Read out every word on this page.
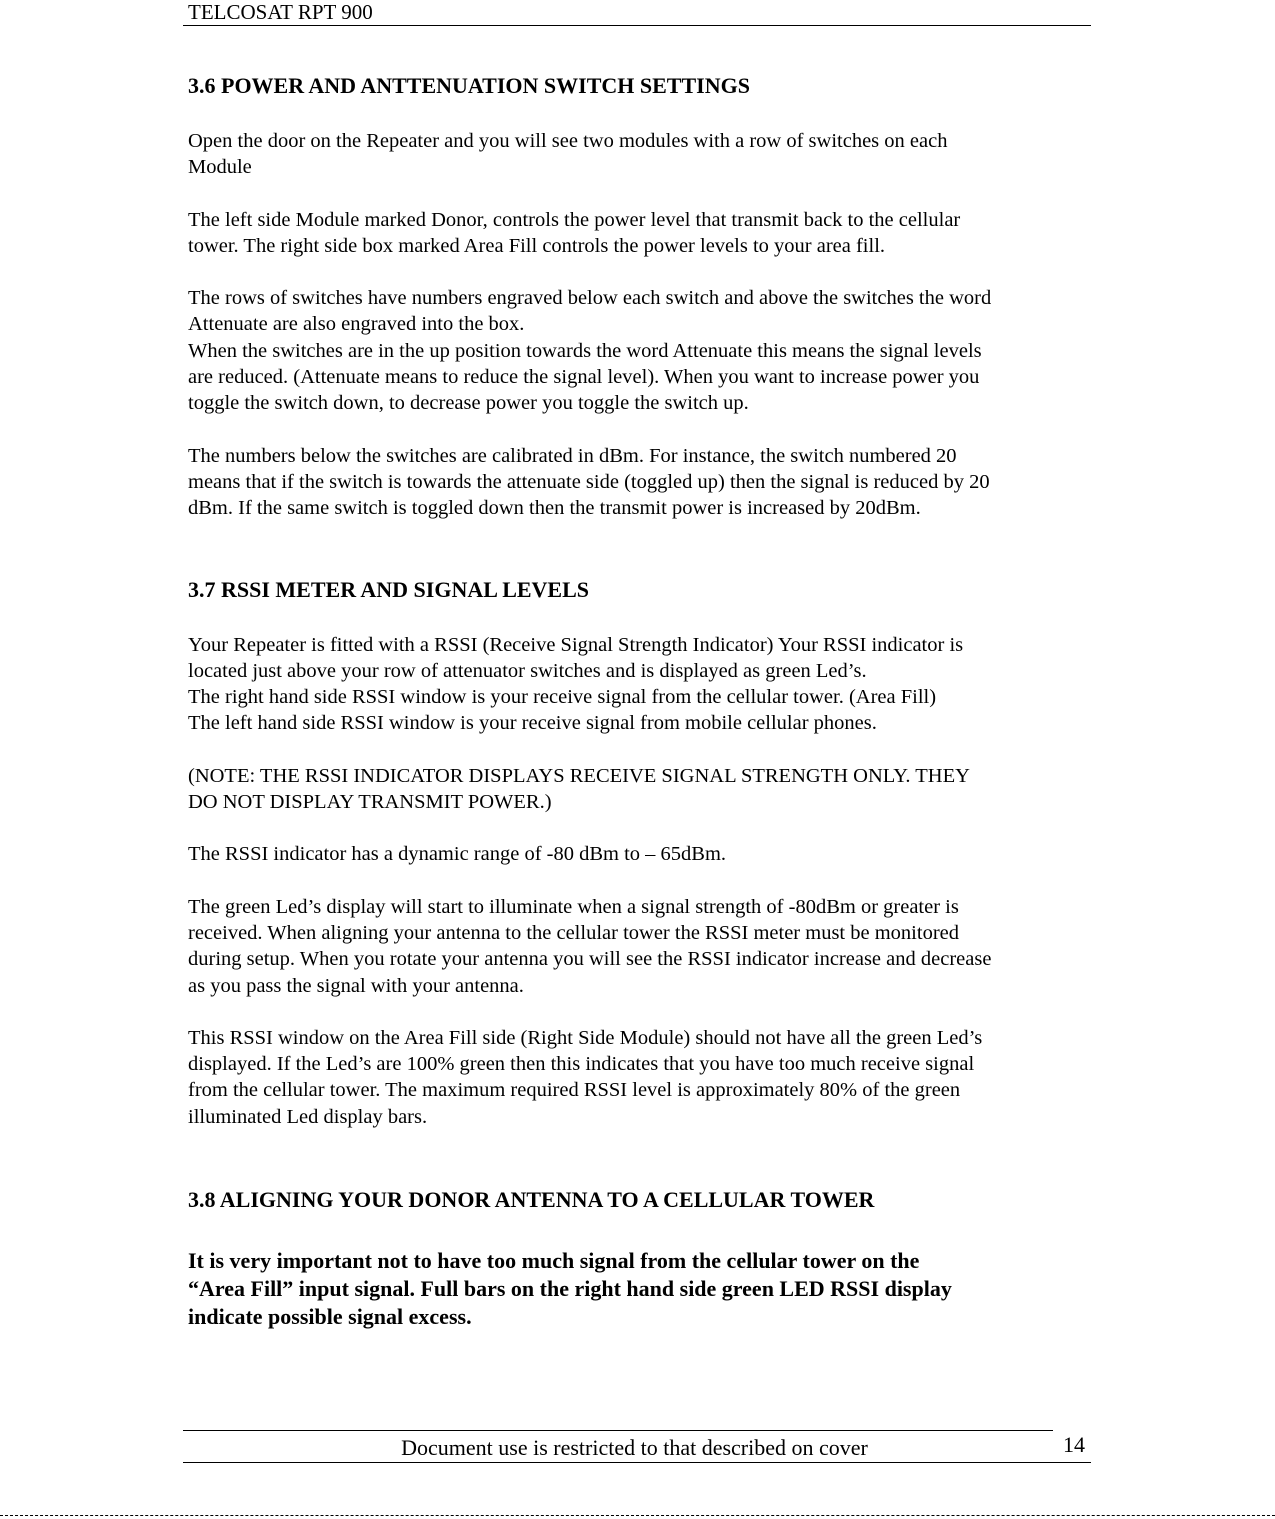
TELCOSAT RPT 900
3.6 POWER AND ANTTENUATION SWITCH SETTINGS

Open the door on the Repeater and you will see two modules with a row of switches on each
Module

The left side Module marked Donor, controls the power level that transmit back to the cellular
tower. The right side box marked Area Fill controls the power levels to your area fill.

The rows of switches have numbers engraved below each switch and above the switches the word
Attenuate are also engraved into the box.
When the switches are in the up position towards the word Attenuate this means the signal levels
are reduced. (Attenuate means to reduce the signal level). When you want to increase power you
toggle the switch down, to decrease power you toggle the switch up.

The numbers below the switches are calibrated in dBm. For instance, the switch numbered 20
means that if the switch is towards the attenuate side (toggled up) then the signal is reduced by 20
dBm. If the same switch is toggled down then the transmit power is increased by 20dBm.

3.7 RSSI METER AND SIGNAL LEVELS

Your Repeater is fitted with a RSSI (Receive Signal Strength Indicator) Your RSSI indicator is
located just above your row of attenuator switches and is displayed as green Led’s.
The right hand side RSSI window is your receive signal from the cellular tower. (Area Fill)
The left hand side RSSI window is your receive signal from mobile cellular phones.

(NOTE: THE RSSI INDICATOR DISPLAYS RECEIVE SIGNAL STRENGTH ONLY. THEY
DO NOT DISPLAY TRANSMIT POWER.)

The RSSI indicator has a dynamic range of -80 dBm to – 65dBm.

The green Led’s display will start to illuminate when a signal strength of -80dBm or greater is
received. When aligning your antenna to the cellular tower the RSSI meter must be monitored
during setup. When you rotate your antenna you will see the RSSI indicator increase and decrease
as you pass the signal with your antenna.

This RSSI window on the Area Fill side (Right Side Module) should not have all the green Led’s
displayed. If the Led’s are 100% green then this indicates that you have too much receive signal
from the cellular tower. The maximum required RSSI level is approximately 80% of the green
illuminated Led display bars.

3.8 ALIGNING YOUR DONOR ANTENNA TO A CELLULAR TOWER

It is very important not to have too much signal from the cellular tower on the
“Area Fill” input signal. Full bars on the right hand side green LED RSSI display
indicate possible signal excess.

Document use is restricted to that described on cover	14
